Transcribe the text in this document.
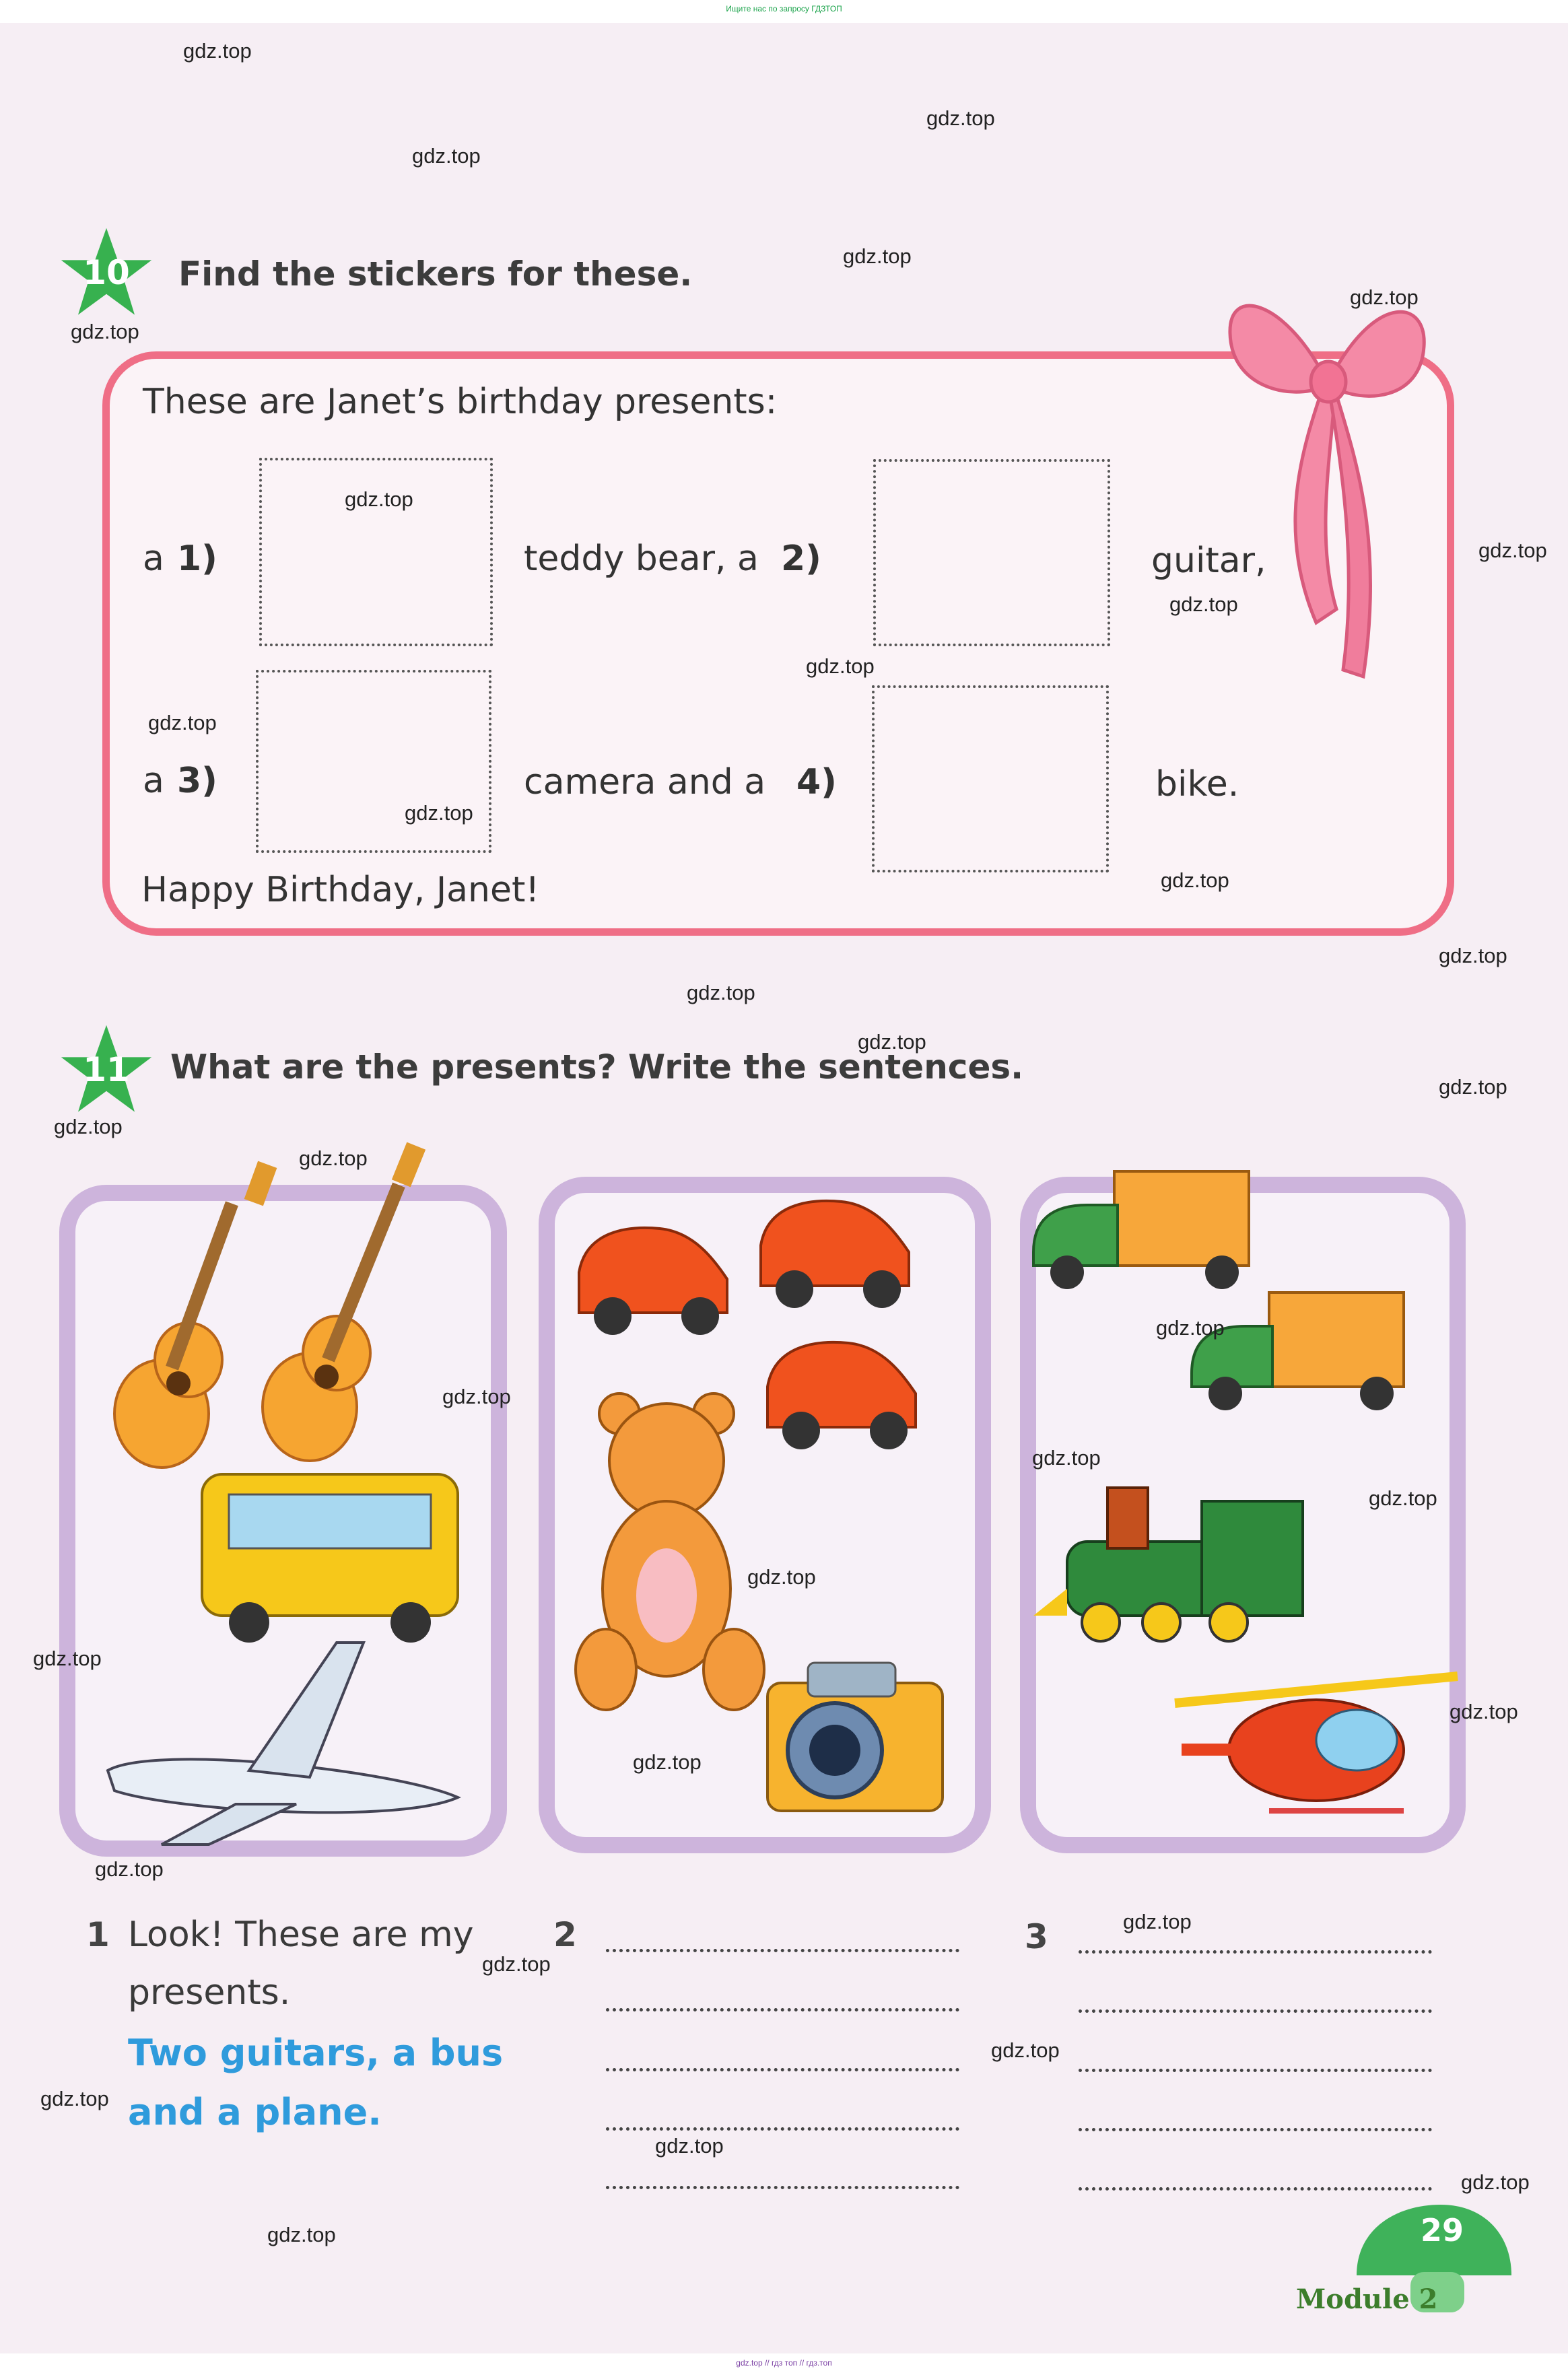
Ищите нас по запросу ГДЗТОП
gdz.top // гдз топ // гдз.топ
10	Find the stickers for these.
These are Janet’s birthday presents:
a 1)	teddy bear, a 2)	guitar,
a 3)	camera and a 4)	bike.
Happy Birthday, Janet!
11	What are the presents? Write the sentences.
1 Look! These are my
presents.
Two guitars, a bus
and a plane.
2	3
29
Module 2
gdz.top
gdz.top
gdz.top
gdz.top
gdz.top
gdz.top
gdz.top
gdz.top
gdz.top
gdz.top
gdz.top
gdz.top
gdz.top
gdz.top
gdz.top
gdz.top
gdz.top
gdz.top
gdz.top
gdz.top
gdz.top
gdz.top
gdz.top
gdz.top
gdz.top
gdz.top
gdz.top
gdz.top
gdz.top
gdz.top
gdz.top
gdz.top
gdz.top
gdz.top
gdz.top
